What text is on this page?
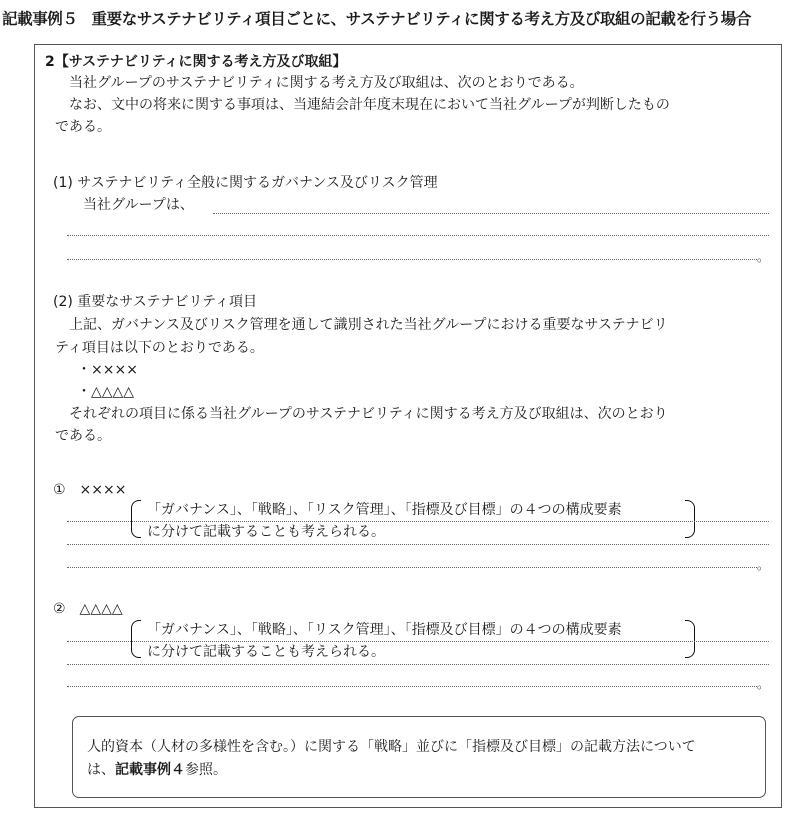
記載事例５ 重要なサステナビリティ項目ごとに、サステナビリティに関する考え方及び取組の記載を行う場合
2【サステナビリティに関する考え方及び取組】
当社グループのサステナビリティに関する考え方及び取組は、次のとおりである。
なお、文中の将来に関する事項は、当連結会計年度末現在において当社グループが判断したもの
である。
(1) サステナビリティ全般に関するガバナンス及びリスク管理
当社グループは、
。
(2) 重要なサステナビリティ項目
上記、ガバナンス及びリスク管理を通して識別された当社グループにおける重要なサステナビリ
ティ項目は以下のとおりである。
・××××
・△△△△
それぞれの項目に係る当社グループのサステナビリティに関する考え方及び取組は、次のとおり
である。
①　××××
「ガバナンス」、「戦略」、「リスク管理」、「指標及び目標」の４つの構成要素
に分けて記載することも考えられる。
。
②　△△△△
「ガバナンス」、「戦略」、「リスク管理」、「指標及び目標」の４つの構成要素
に分けて記載することも考えられる。
。
人的資本（人材の多様性を含む。）に関する「戦略」並びに「指標及び目標」の記載方法について
は、記載事例４参照。
